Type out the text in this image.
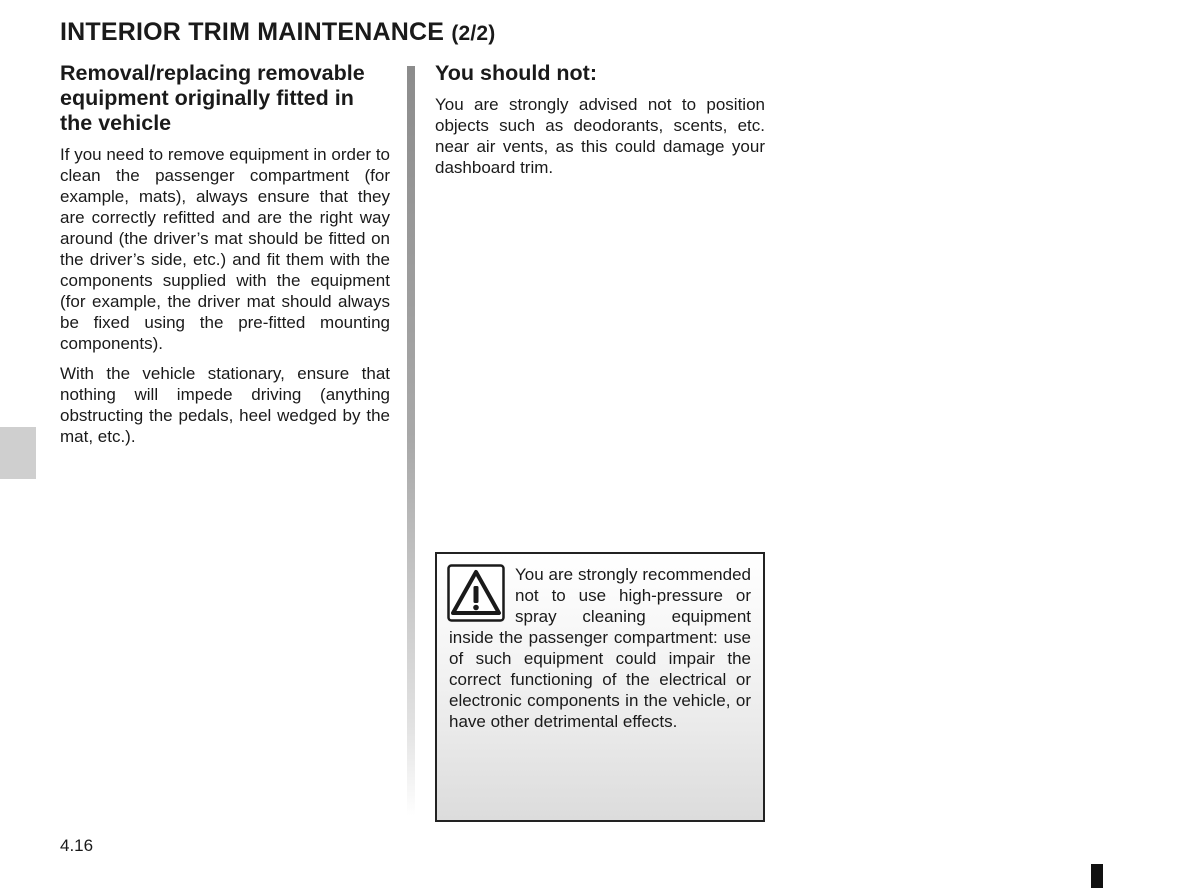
INTERIOR TRIM MAINTENANCE (2/2)
Removal/replacing removable equipment originally fitted in the vehicle

If you need to remove equipment in order to clean the passenger compartment (for example, mats), always ensure that they are correctly refitted and are the right way around (the driver’s mat should be fitted on the driver’s side, etc.) and fit them with the components supplied with the equipment (for example, the driver mat should always be fixed using the pre-fitted mounting components).

With the vehicle stationary, ensure that nothing will impede driving (anything obstructing the pedals, heel wedged by the mat, etc.).

You should not:

You are strongly advised not to position objects such as deodorants, scents, etc. near air vents, as this could damage your dashboard trim.

You are strongly recommended not to use high-pressure or spray cleaning equipment inside the passenger compartment: use of such equipment could impair the correct functioning of the electrical or electronic components in the vehicle, or have other detrimental effects.

4.16
